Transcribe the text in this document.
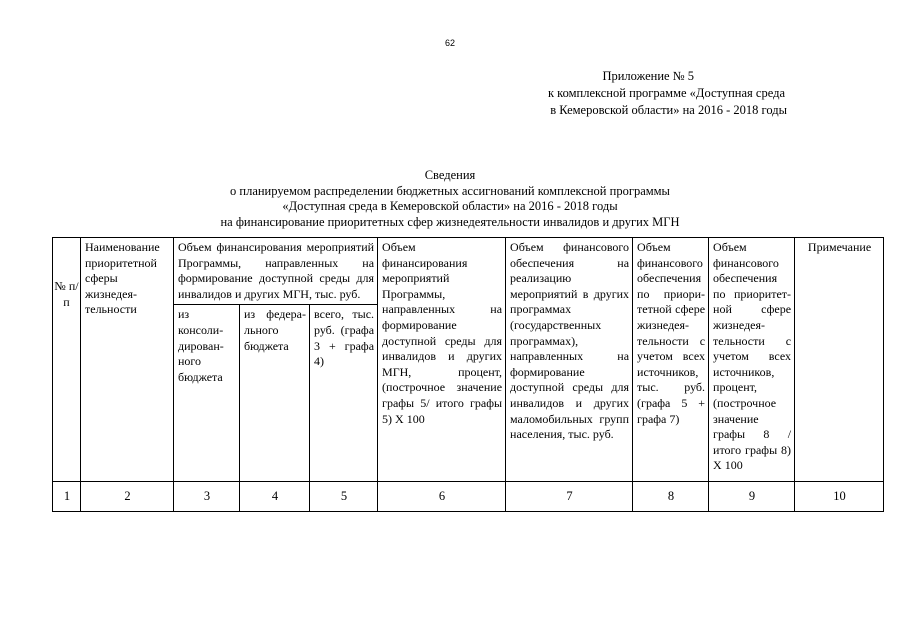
62
Приложение № 5
к комплексной программе «Доступная среда
в Кемеровской области» на 2016 - 2018 годы
Сведения
о планируемом распределении бюджетных ассигнований комплексной программы
«Доступная среда в Кемеровской области» на 2016 - 2018 годы
на финансирование приоритетных сфер жизнедеятельности инвалидов и других МГН
№ п/ п	Наименование приоритетной сферы жизнедеятельности	Объем финансирования мероприятий Программы, направленных на формирование доступной среды для инвалидов и других МГН, тыс. руб.			Объем финансирования мероприятий Программы, направленных на формирование доступной среды для инвалидов и других МГН, процент, (построчное значение графы 5/ итого графы 5) Х 100	Объем финансового обеспечения на реализацию мероприятий в других программах (государственных программах), направленных на формирование доступной среды для инвалидов и других маломобильных групп населения, тыс. руб.	Объем финансового обеспечения по приоритетной сфере жизнедеятельности с учетом всех источников, тыс. руб. (графа 5 + графа 7)	Объем финансового обеспечения по приоритетной сфере жизнедеятельности с учетом всех источников, процент, (построчное значение графы 8 / итого графы 8) Х 100	Примечание
		из консолидированного бюджета	из федерального бюджета	всего, тыс. руб. (графа 3 + графа 4)					
1	2	3	4	5	6	7	8	9	10
